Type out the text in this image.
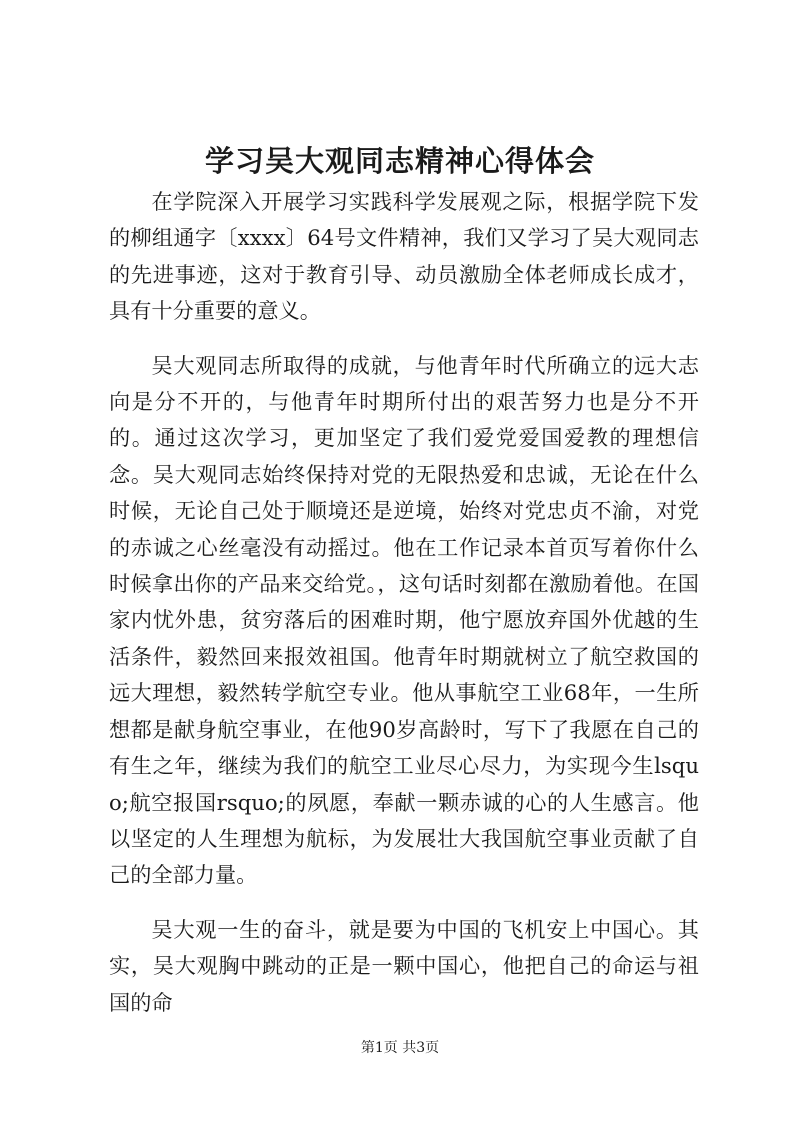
学习吴大观同志精神心得体会

在学院深入开展学习实践科学发展观之际，根据学院下发的柳组通字〔xxxx〕64号文件精神，我们又学习了吴大观同志的先进事迹，这对于教育引导、动员激励全体老师成长成才，具有十分重要的意义。

吴大观同志所取得的成就，与他青年时代所确立的远大志向是分不开的，与他青年时期所付出的艰苦努力也是分不开的。通过这次学习，更加坚定了我们爱党爱国爱教的理想信念。吴大观同志始终保持对党的无限热爱和忠诚，无论在什么时候，无论自己处于顺境还是逆境，始终对党忠贞不渝，对党的赤诚之心丝毫没有动摇过。他在工作记录本首页写着你什么时候拿出你的产品来交给党。，这句话时刻都在激励着他。在国家内忧外患，贫穷落后的困难时期，他宁愿放弃国外优越的生活条件，毅然回来报效祖国。他青年时期就树立了航空救国的远大理想，毅然转学航空专业。他从事航空工业68年，一生所想都是献身航空事业，在他90岁高龄时，写下了我愿在自己的有生之年，继续为我们的航空工业尽心尽力，为实现今生lsquo;航空报国rsquo;的夙愿，奉献一颗赤诚的心的人生感言。他以坚定的人生理想为航标，为发展壮大我国航空事业贡献了自己的全部力量。

吴大观一生的奋斗，就是要为中国的飞机安上中国心。其实，吴大观胸中跳动的正是一颗中国心，他把自己的命运与祖国的命

第1页 共3页
